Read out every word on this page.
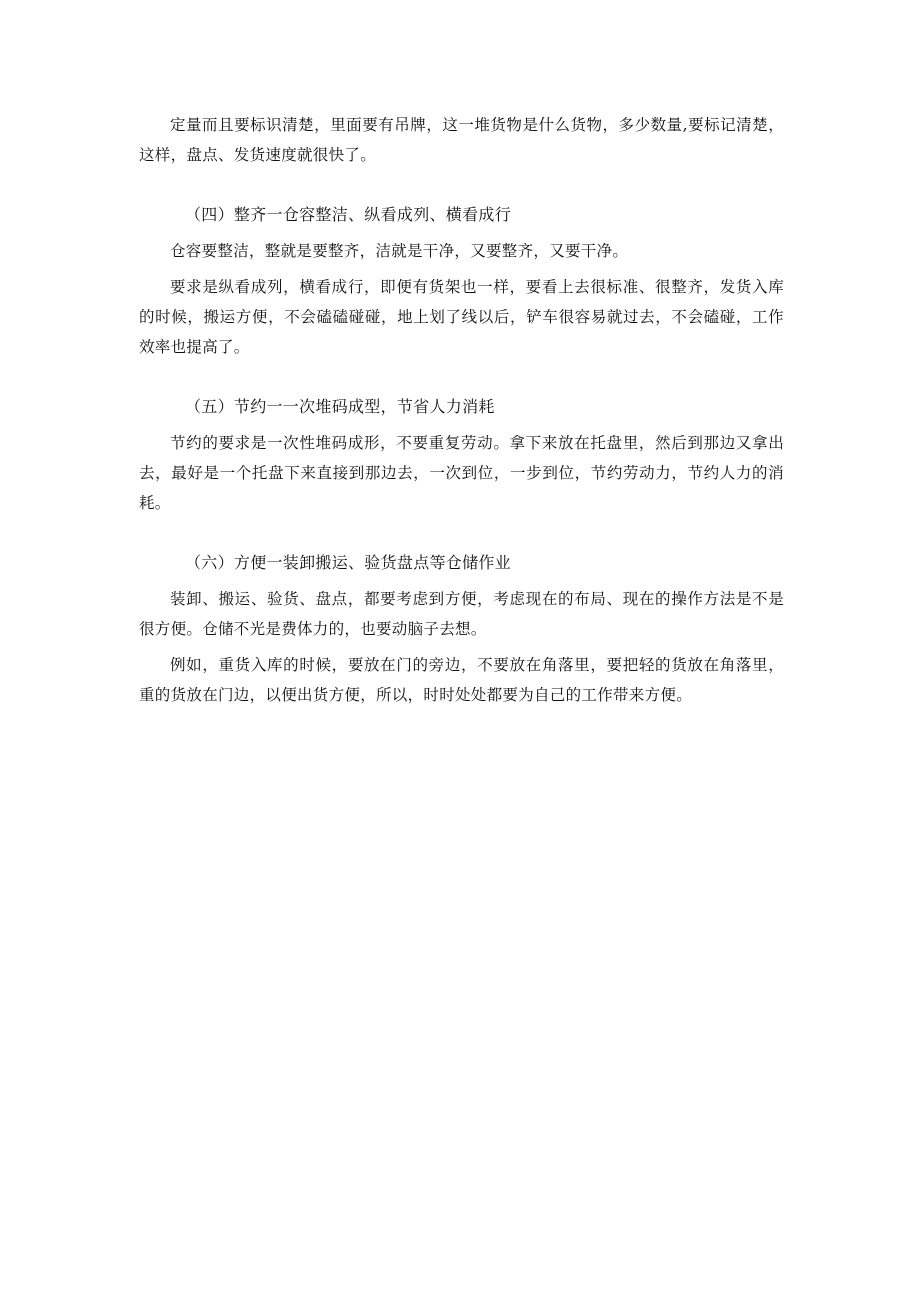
定量而且要标识清楚，里面要有吊牌，这一堆货物是什么货物，多少数量,要标记清楚，这样，盘点、发货速度就很快了。

（四）整齐一仓容整洁、纵看成列、横看成行

仓容要整洁，整就是要整齐，洁就是干净，又要整齐，又要干净。

要求是纵看成列，横看成行，即便有货架也一样，要看上去很标准、很整齐，发货入库的时候，搬运方便，不会磕磕碰碰，地上划了线以后，铲车很容易就过去，不会磕碰，工作效率也提高了。

（五）节约一一次堆码成型，节省人力消耗

节约的要求是一次性堆码成形，不要重复劳动。拿下来放在托盘里，然后到那边又拿出去，最好是一个托盘下来直接到那边去，一次到位，一步到位，节约劳动力，节约人力的消耗。

（六）方便一装卸搬运、验货盘点等仓储作业

装卸、搬运、验货、盘点，都要考虑到方便，考虑现在的布局、现在的操作方法是不是很方便。仓储不光是费体力的，也要动脑子去想。

例如，重货入库的时候，要放在门的旁边，不要放在角落里，要把轻的货放在角落里，重的货放在门边，以便出货方便，所以，时时处处都要为自己的工作带来方便。
